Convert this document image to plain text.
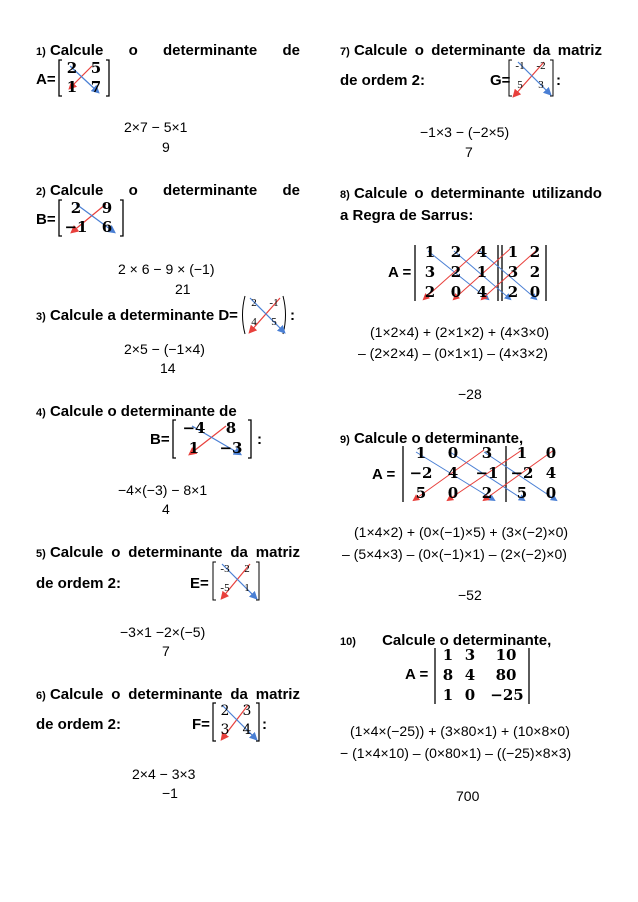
1) Calcule o determinante de
A=
2 5
1 7
2×7 − 5×1
9
2) Calcule o determinante de
B=
2	9
−1 6
2 × 6 − 9 × (−1)
21
3) Calcule a determinante D=
2	-1
4	5 :
2×5 − (−1×4)
14
4) Calcule o determinante de
B=
−4	8
1	−3 :
−4×(−3) − 8×1
4
5) Calcule o determinante da matriz
de ordem 2:	E=
-3	2
-5	1
−3×1 −2×(−5)
7
6) Calcule o determinante da matriz
de ordem 2:	F=
2 3
3 4 :
2×4 − 3×3
−1
7) Calcule o determinante da matriz
de ordem 2:	G=
-1	-2
5	3 :
−1×3 − (−2×5)
7
8) Calcule o determinante utilizando
a Regra de Sarrus:
A =
1	2	4
3	2	1
2	0	4
1 2
3 2
2 0
(1×2×4) + (2×1×2) + (4×3×0)
– (2×2×4) – (0×1×1) – (4×3×2)
−28
9) Calcule o determinante,
A =
1	0	3
−2	4	−1
5	0	2
1	0
−2 4
5	0
(1×4×2) + (0×(−1)×5) + (3×(−2)×0)
– (5×4×3) – (0×(−1)×1) – (2×(−2)×0)
−52
10) Calcule o determinante,
A =
1 3	10
8 4	80
1 0	−25
(1×4×(−25)) + (3×80×1) + (10×8×0)
− (1×4×10) – (0×80×1) – ((−25)×8×3)
700
